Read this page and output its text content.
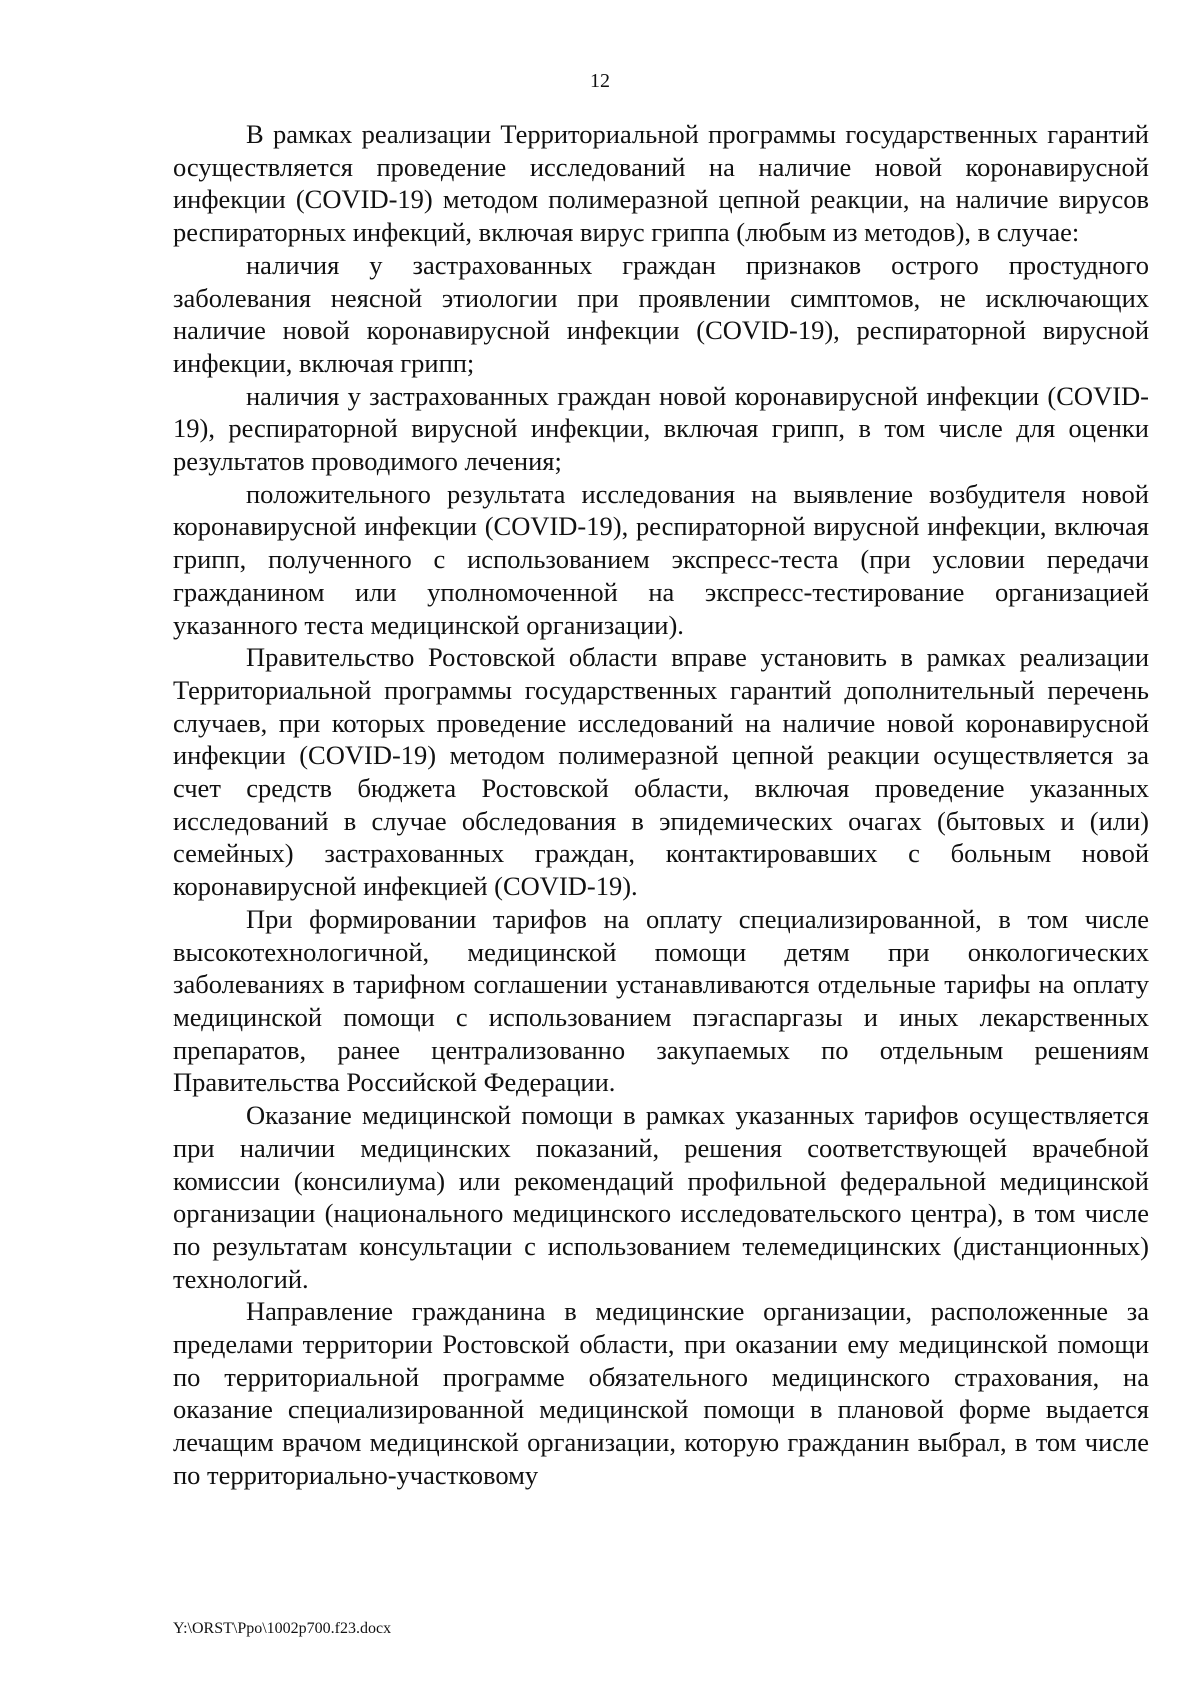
12

В рамках реализации Территориальной программы государственных гарантий осуществляется проведение исследований на наличие новой коронавирусной инфекции (COVID-19) методом полимеразной цепной реакции, на наличие вирусов респираторных инфекций, включая вирус гриппа (любым из методов), в случае:

наличия у застрахованных граждан признаков острого простудного заболевания неясной этиологии при проявлении симптомов, не исключающих наличие новой коронавирусной инфекции (COVID-19), респираторной вирусной инфекции, включая грипп;

наличия у застрахованных граждан новой коронавирусной инфекции (COVID-19), респираторной вирусной инфекции, включая грипп, в том числе для оценки результатов проводимого лечения;

положительного результата исследования на выявление возбудителя новой коронавирусной инфекции (COVID-19), респираторной вирусной инфекции, включая грипп, полученного с использованием экспресс-теста (при условии передачи гражданином или уполномоченной на экспресс-тестирование организацией указанного теста медицинской организации).

Правительство Ростовской области вправе установить в рамках реализации Территориальной программы государственных гарантий дополнительный перечень случаев, при которых проведение исследований на наличие новой коронавирусной инфекции (COVID-19) методом полимеразной цепной реакции осуществляется за счет средств бюджета Ростовской области, включая проведение указанных исследований в случае обследования в эпидемических очагах (бытовых и (или) семейных) застрахованных граждан, контактировавших с больным новой коронавирусной инфекцией (COVID-19).

При формировании тарифов на оплату специализированной, в том числе высокотехнологичной, медицинской помощи детям при онкологических заболеваниях в тарифном соглашении устанавливаются отдельные тарифы на оплату медицинской помощи с использованием пэгаспаргазы и иных лекарственных препаратов, ранее централизованно закупаемых по отдельным решениям Правительства Российской Федерации.

Оказание медицинской помощи в рамках указанных тарифов осуществляется при наличии медицинских показаний, решения соответствующей врачебной комиссии (консилиума) или рекомендаций профильной федеральной медицинской организации (национального медицинского исследовательского центра), в том числе по результатам консультации с использованием телемедицинских (дистанционных) технологий.

Направление гражданина в медицинские организации, расположенные за пределами территории Ростовской области, при оказании ему медицинской помощи по территориальной программе обязательного медицинского страхования, на оказание специализированной медицинской помощи в плановой форме выдается лечащим врачом медицинской организации, которую гражданин выбрал, в том числе по территориально-участковому

Y:\ORST\Ppo\1002p700.f23.docx
